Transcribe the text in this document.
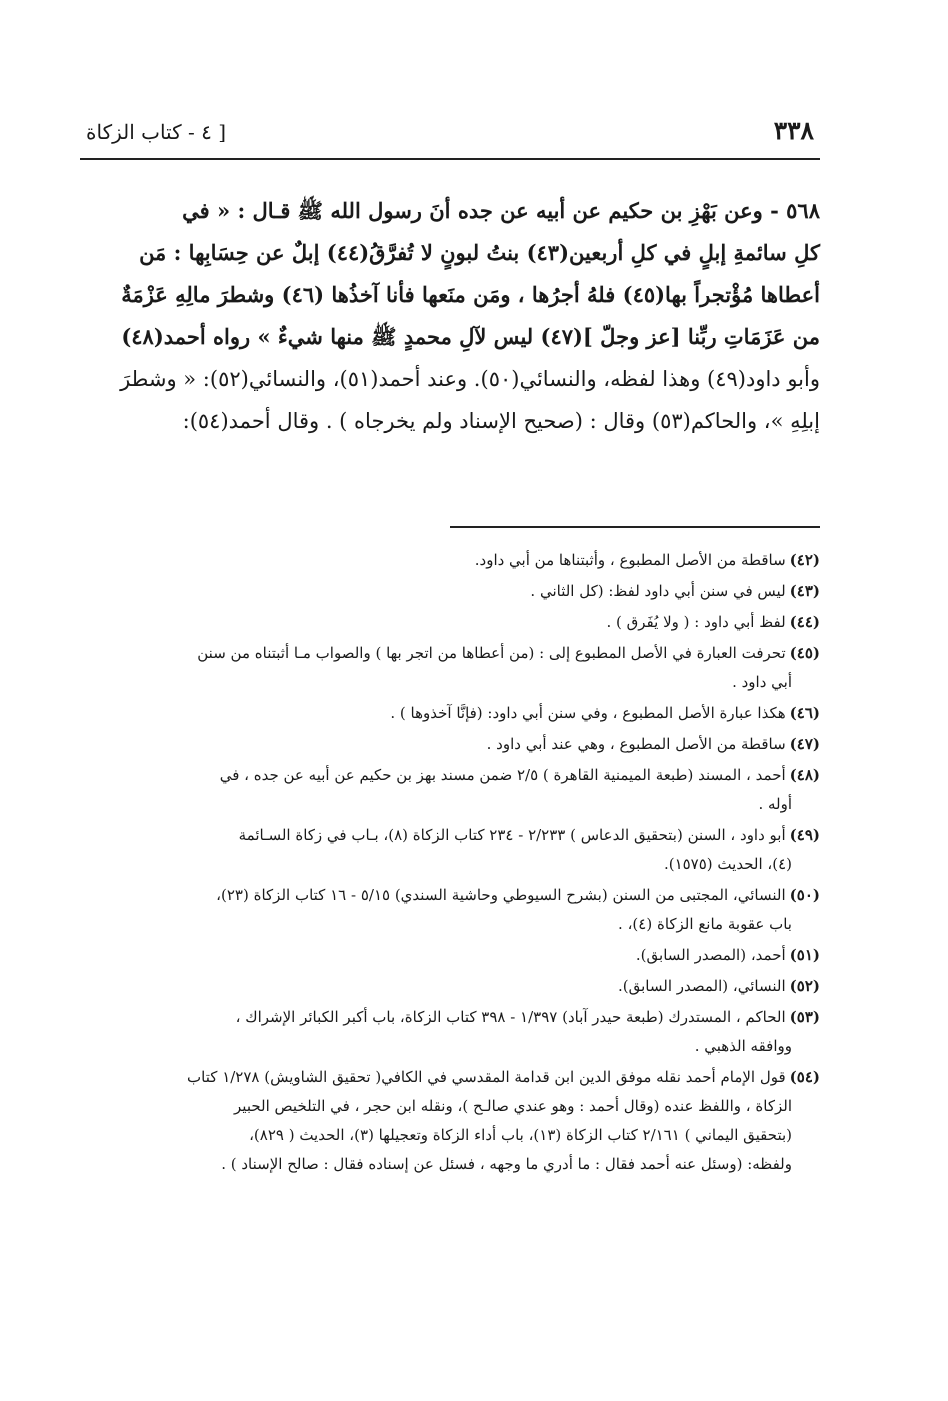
٣٣٨
[ ٤ - كتاب الزكاة
٥٦٨ - وعن بَهْزِ بن حكيم عن أبيه عن جده أنَ رسول الله ﷺ قـال : « في
كلِ سائمةِ إبلٍ في كلِ أربعين(٤٣) بنتُ لبونٍ لا تُفرَّقُ(٤٤) إبلٌ عن حِسَابِها : مَن
أعطاها مُؤْتجراً بها(٤٥) فلهُ أجرُها ، ومَن منَعها فأنا آخذُها (٤٦) وشطرَ مالِهِ عَزْمَةٌ
من عَزَمَاتِ ربِّنا [عز وجلّ ](٤٧) ليس لآلِ محمدٍ ﷺ منها شيءٌ » رواه أحمد(٤٨)
وأبو داود(٤٩) وهذا لفظه، والنسائي(٥٠). وعند أحمد(٥١)، والنسائي(٥٢): « وشطرَ
إبلِهِ »، والحاكم(٥٣) وقال : (صحيح الإسناد ولم يخرجاه ) . وقال أحمد(٥٤):
(٤٢)ساقطة من الأصل المطبوع ، وأثبتناها من أبي داود.
(٤٣)ليس في سنن أبي داود لفظ: (كل الثاني .
(٤٤)لفظ أبي داود : ( ولا يُفَرق ) .
(٤٥)تحرفت العبارة في الأصل المطبوع إلى : (من أعطاها من اتجر بها ) والصواب مـا أثبتناه من سنن
أبي داود .
(٤٦)هكذا عبارة الأصل المطبوع ، وفي سنن أبي داود: (فإنَّا آخذوها ) .
(٤٧)ساقطة من الأصل المطبوع ، وهي عند أبي داود .
(٤٨)أحمد ، المسند (طبعة الميمنية القاهرة ) ٢/٥ ضمن مسند بهز بن حكيم عن أبيه عن جده ، في
أوله .
(٤٩)أبو داود ، السنن (بتحقيق الدعاس ) ٢/٢٣٣ - ٢٣٤ كتاب الزكاة (٨)، بـاب في زكاة السـائمة
(٤)، الحديث (١٥٧٥).
(٥٠)النسائي، المجتبى من السنن (بشرح السيوطي وحاشية السندي) ٥/١٥ - ١٦ كتاب الزكاة (٢٣)،
باب عقوبة مانع الزكاة (٤)، .
(٥١)أحمد، (المصدر السابق).
(٥٢)النسائي، (المصدر السابق).
(٥٣)الحاكم ، المستدرك (طبعة حيدر آباد) ١/٣٩٧ - ٣٩٨ كتاب الزكاة، باب أكبر الكبائر الإشراك ،
ووافقه الذهبي .
(٥٤)قول الإمام أحمد نقله موفق الدين ابن قدامة المقدسي في الكافي( تحقيق الشاويش) ١/٢٧٨ كتاب
الزكاة ، واللفظ عنده (وقال أحمد : وهو عندي صالـح )، ونقله ابن حجر ، في التلخيص الحبير
(بتحقيق اليماني ) ٢/١٦١ كتاب الزكاة (١٣)، باب أداء الزكاة وتعجيلها (٣)، الحديث ( ٨٢٩)،
ولفظه: (وسئل عنه أحمد فقال : ما أدري ما وجهه ، فسئل عن إسناده فقال : صالح الإسناد ) .
